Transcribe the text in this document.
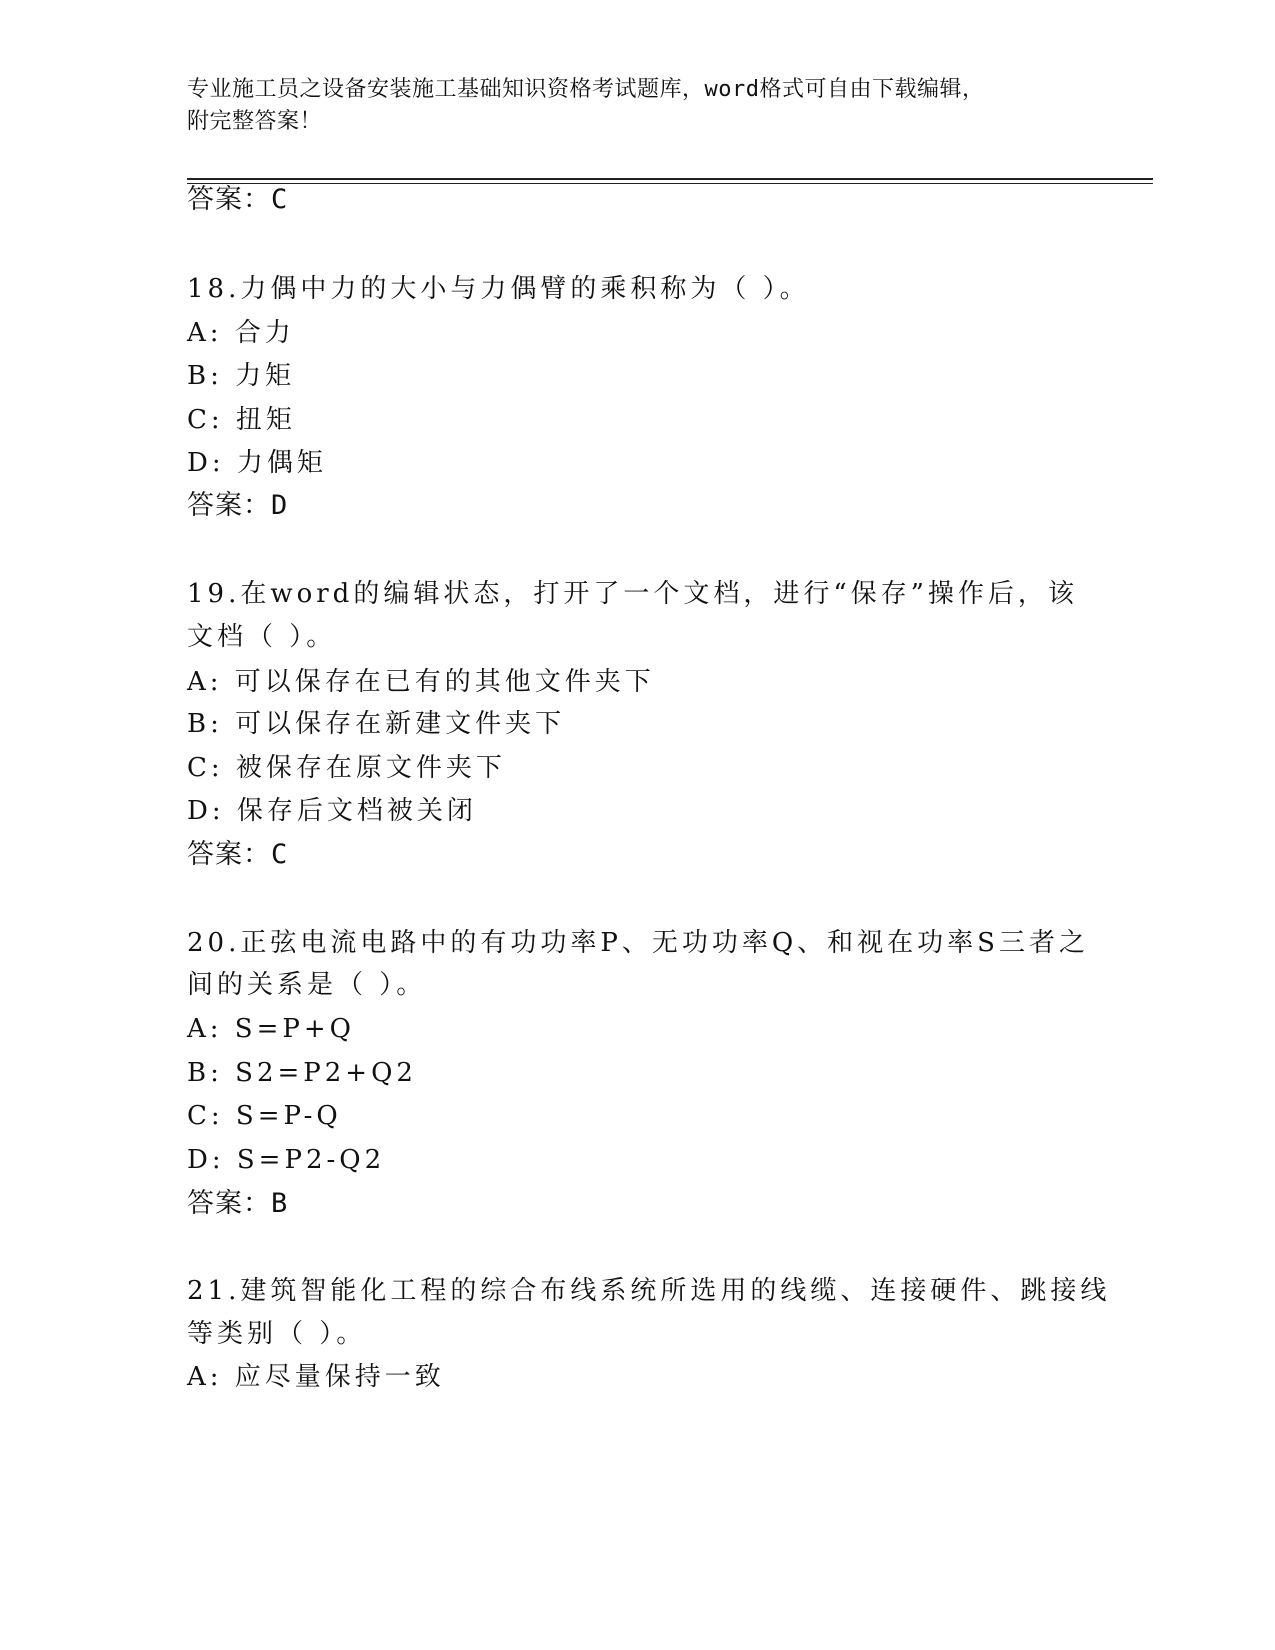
专业施工员之设备安装施工基础知识资格考试题库，word格式可自由下载编辑，
附完整答案！
答案：C
18.力偶中力的大小与力偶臂的乘积称为（ ）。
A: 合力
B: 力矩
C: 扭矩
D: 力偶矩
答案：D
19.在word的编辑状态，打开了一个文档，进行“保存”操作后，该
文档（ ）。
A: 可以保存在已有的其他文件夹下
B: 可以保存在新建文件夹下
C: 被保存在原文件夹下
D: 保存后文档被关闭
答案：C
20.正弦电流电路中的有功功率P、无功功率Q、和视在功率S三者之
间的关系是（ ）。
A: S=P+Q
B: S2=P2+Q2
C: S=P-Q
D: S=P2-Q2
答案：B
21.建筑智能化工程的综合布线系统所选用的线缆、连接硬件、跳接线
等类别（ ）。
A: 应尽量保持一致
